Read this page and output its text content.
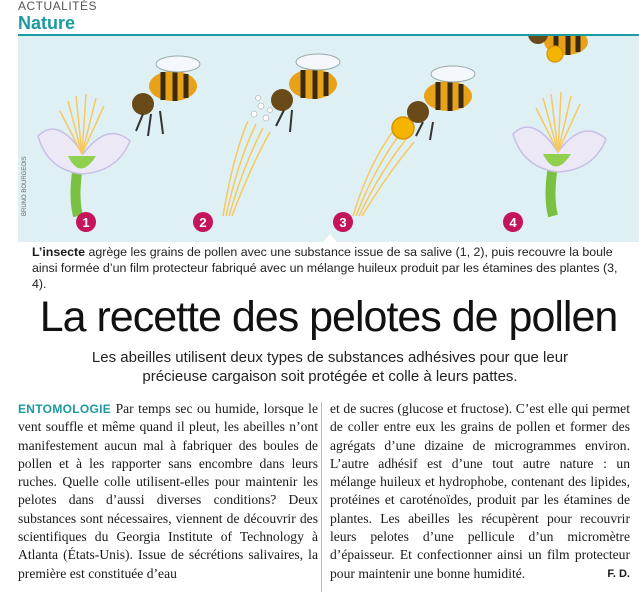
ACTUALITÉS
Nature
1	2	3	4
BRUNO BOURGEOIS
L’insecte agrège les grains de pollen avec une substance issue de sa salive (1, 2), puis recouvre la boule ainsi formée d’un film protecteur fabriqué avec un mélange huileux produit par les étamines des plantes (3, 4).
La recette des pelotes de pollen
Les abeilles utilisent deux types de substances adhésives pour que leur précieuse cargaison soit protégée et colle à leurs pattes.
ENTOMOLOGIE Par temps sec ou humide, lorsque le vent souffle et même quand il pleut, les abeilles n’ont manifestement aucun mal à fabriquer des boules de pollen et à les rapporter sans encombre dans leurs ruches. Quelle colle utilisent-elles pour maintenir les pelotes dans d’aussi diverses conditions? Deux substances sont nécessaires, viennent de découvrir des scientifiques du Georgia Institute of Technology à Atlanta (États-Unis). Issue de sécrétions salivaires, la première est constituée d’eau
et de sucres (glucose et fructose). C’est elle qui permet de coller entre eux les grains de pollen et former des agrégats d’une dizaine de microgrammes environ. L’autre adhésif est d’une tout autre nature : un mélange huileux et hydrophobe, contenant des lipides, protéines et caroténoïdes, produit par les étamines de plantes. Les abeilles les récupèrent pour recouvrir leurs pelotes d’une pellicule d’un micromètre d’épaisseur. Et confectionner ainsi un film protecteur pour maintenir une bonne humidité.	F. D.
